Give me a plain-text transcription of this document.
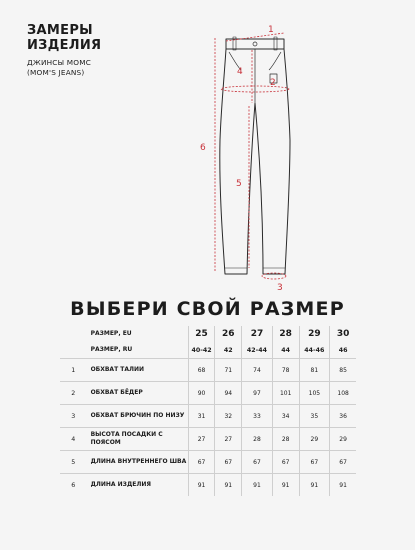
ЗАМЕРЫ
ИЗДЕЛИЯ
ДЖИНСЫ MOMC
(MOM'S JEANS)
1
2
3
4
5
6
ВЫБЕРИ СВОЙ РАЗМЕР
	РАЗМЕР, EU	25	26	27	28	29	30
	РАЗМЕР, RU	40-42	42	42-44	44	44-46	46
1	ОБХВАТ ТАЛИИ	68	71	74	78	81	85
2	ОБХВАТ БЁДЕР	90	94	97	101	105	108
3	ОБХВАТ БРЮЧИН ПО НИЗУ	31	32	33	34	35	36
4	ВЫСОТА ПОСАДКИ С ПОЯСОМ	27	27	28	28	29	29
5	ДЛИНА ВНУТРЕННЕГО ШВА	67	67	67	67	67	67
6	ДЛИНА ИЗДЕЛИЯ	91	91	91	91	91	91
